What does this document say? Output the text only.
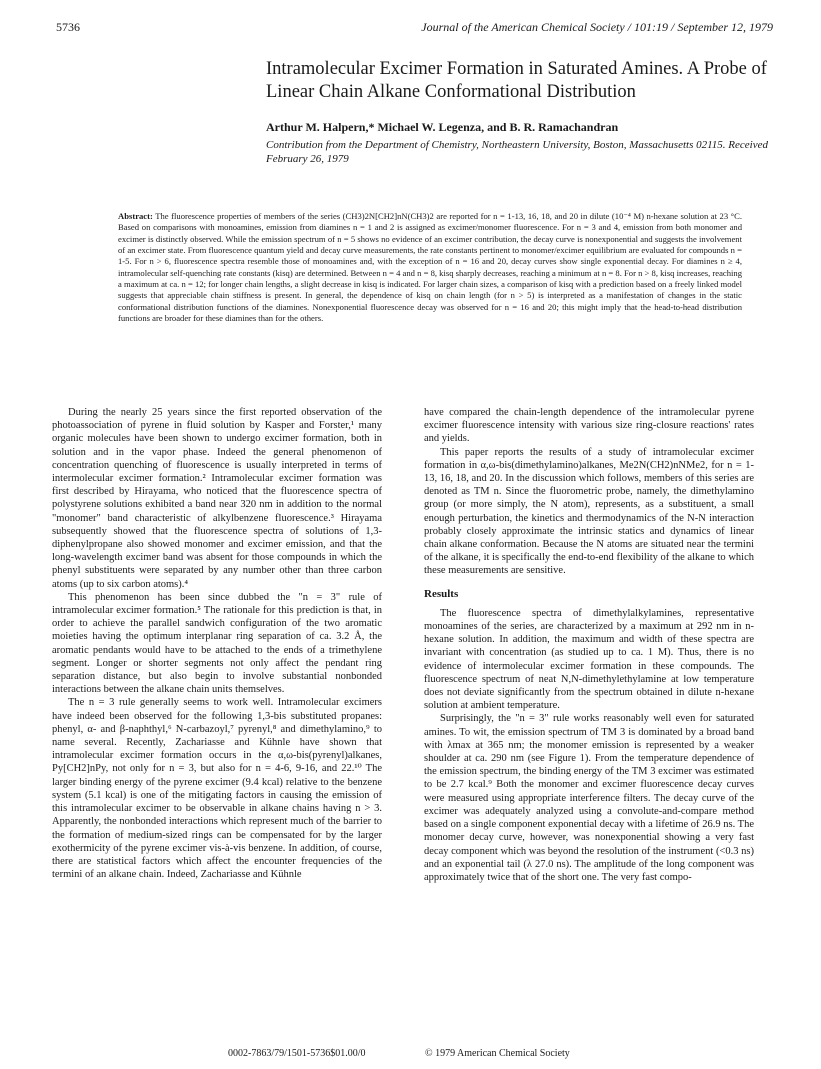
5736	Journal of the American Chemical Society / 101:19 / September 12, 1979
Intramolecular Excimer Formation in Saturated Amines. A Probe of Linear Chain Alkane Conformational Distribution
Arthur M. Halpern,* Michael W. Legenza, and B. R. Ramachandran
Contribution from the Department of Chemistry, Northeastern University, Boston, Massachusetts 02115. Received February 26, 1979
Abstract: The fluorescence properties of members of the series (CH3)2N[CH2]nN(CH3)2 are reported for n = 1-13, 16, 18, and 20 in dilute (10⁻⁴ M) n-hexane solution at 23 °C. Based on comparisons with monoamines, emission from diamines n = 1 and 2 is assigned as excimer/monomer fluorescence. For n = 3 and 4, emission from both monomer and excimer is distinctly observed. While the emission spectrum of n = 5 shows no evidence of an excimer contribution, the decay curve is nonexponential and suggests the involvement of an excimer state. From fluorescence quantum yield and decay curve measurements, the rate constants pertinent to monomer/excimer equilibrium are evaluated for compounds n = 1-5. For n > 6, fluorescence spectra resemble those of monoamines and, with the exception of n = 16 and 20, decay curves show single exponential decay. For diamines n ≥ 4, intramolecular self-quenching rate constants (kisq) are determined. Between n = 4 and n = 8, kisq sharply decreases, reaching a minimum at n = 8. For n > 8, kisq increases, reaching a maximum at ca. n = 12; for longer chain lengths, a slight decrease in kisq is indicated. For larger chain sizes, a comparison of kisq with a prediction based on a freely linked model suggests that appreciable chain stiffness is present. In general, the dependence of kisq on chain length (for n > 5) is interpreted as a manifestation of changes in the static conformational distribution functions of the diamines. Nonexponential fluorescence decay was observed for n = 16 and 20; this might imply that the head-to-head distribution functions are broader for these diamines than for the others.

During the nearly 25 years since the first reported observation of the photoassociation of pyrene in fluid solution by Kasper and Forster,¹ many organic molecules have been shown to undergo excimer formation, both in solution and in the vapor phase. Indeed the general phenomenon of concentration quenching of fluorescence is usually interpreted in terms of intermolecular excimer formation.² Intramolecular excimer formation was first described by Hirayama, who noticed that the fluorescence spectra of polystyrene solutions exhibited a band near 320 nm in addition to the normal "monomer" band characteristic of alkylbenzene fluorescence.³ Hirayama subsequently showed that the fluorescence spectra of solutions of 1,3-diphenylpropane also showed monomer and excimer emission, and that the long-wavelength excimer band was absent for those compounds in which the phenyl substituents were separated by any number other than three carbon atoms (up to six carbon atoms).⁴

This phenomenon has been since dubbed the "n = 3" rule of intramolecular excimer formation.⁵ The rationale for this prediction is that, in order to achieve the parallel sandwich configuration of the two aromatic moieties having the optimum interplanar ring separation of ca. 3.2 Å, the aromatic pendants would have to be attached to the ends of a trimethylene segment. Longer or shorter segments not only affect the pendant ring separation distance, but also begin to involve substantial nonbonded interactions between the alkane chain units themselves.

The n = 3 rule generally seems to work well. Intramolecular excimers have indeed been observed for the following 1,3-bis substituted propanes: phenyl, α- and β-naphthyl,⁶ N-carbazoyl,⁷ pyrenyl,⁸ and dimethylamino,⁹ to name several. Recently, Zachariasse and Kühnle have shown that intramolecular excimer formation occurs in the α,ω-bis(pyrenyl)alkanes, Py[CH2]nPy, not only for n = 3, but also for n = 4-6, 9-16, and 22.¹⁰ The larger binding energy of the pyrene excimer (9.4 kcal) relative to the benzene system (5.1 kcal) is one of the mitigating factors in causing the emission of this intramolecular excimer to be observable in alkane chains having n > 3. Apparently, the nonbonded interactions which represent much of the barrier to the formation of medium-sized rings can be compensated for by the larger exothermicity of the pyrene excimer vis-à-vis benzene. In addition, of course, there are statistical factors which affect the encounter frequencies of the termini of an alkane chain. Indeed, Zachariasse and Kühnle

have compared the chain-length dependence of the intramolecular pyrene excimer fluorescence intensity with various size ring-closure reactions' rates and yields.

This paper reports the results of a study of intramolecular excimer formation in α,ω-bis(dimethylamino)alkanes, Me2N(CH2)nNMe2, for n = 1-13, 16, 18, and 20. In the discussion which follows, members of this series are denoted as TM n. Since the fluorometric probe, namely, the dimethylamino group (or more simply, the N atom), represents, as a substituent, a small enough perturbation, the kinetics and thermodynamics of the N-N interaction probably closely approximate the intrinsic statics and dynamics of linear chain alkane conformation. Because the N atoms are situated near the termini of the alkane, it is specifically the end-to-end flexibility of the alkane to which these measurements are sensitive.

Results

The fluorescence spectra of dimethylalkylamines, representative monoamines of the series, are characterized by a maximum at 292 nm in n-hexane solution. In addition, the maximum and width of these spectra are invariant with concentration (as studied up to ca. 1 M). Thus, there is no evidence of intermolecular excimer formation in these compounds. The fluorescence spectrum of neat N,N-dimethylethylamine at low temperature does not deviate significantly from the spectrum obtained in dilute n-hexane solution at ambient temperature.

Surprisingly, the "n = 3" rule works reasonably well even for saturated amines. To wit, the emission spectrum of TM 3 is dominated by a broad band with λmax at 365 nm; the monomer emission is represented by a weaker shoulder at ca. 290 nm (see Figure 1). From the temperature dependence of the emission spectrum, the binding energy of the TM 3 excimer was estimated to be 2.7 kcal.⁹ Both the monomer and excimer fluorescence decay curves were measured using appropriate interference filters. The decay curve of the excimer was adequately analyzed using a convolute-and-compare method based on a single component exponential decay with a lifetime of 26.9 ns. The monomer decay curve, however, was nonexponential showing a very fast decay component which was beyond the resolution of the instrument (<0.3 ns) and an exponential tail (λ 27.0 ns). The amplitude of the long component was approximately twice that of the short one. The very fast compo-

0002-7863/79/1501-5736$01.00/0	© 1979 American Chemical Society
